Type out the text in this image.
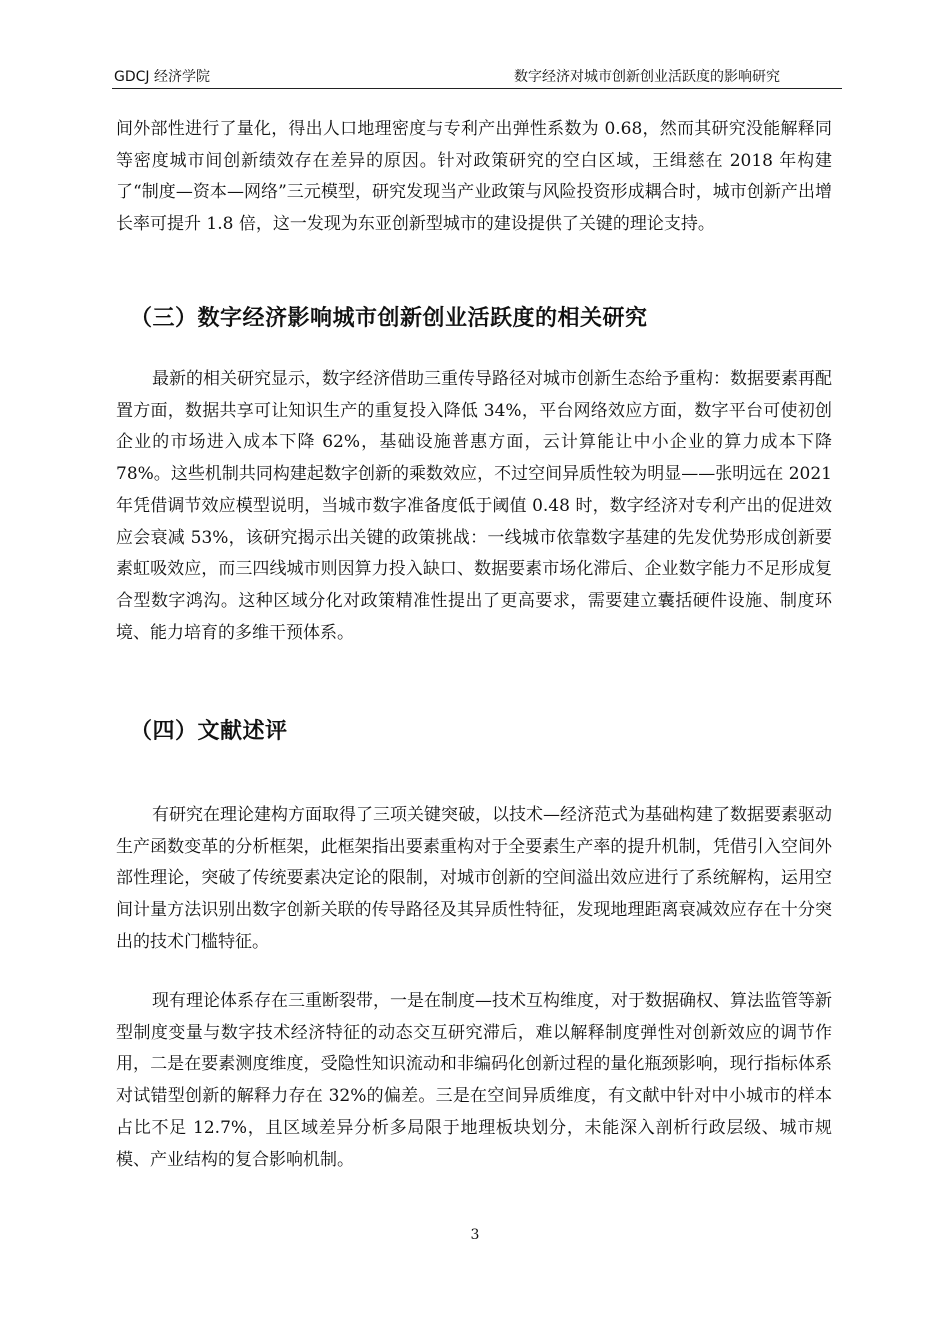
GDCJ 经济学院	数字经济对城市创新创业活跃度的影响研究

间外部性进行了量化，得出人口地理密度与专利产出弹性系数为 0.68，然而其研究没能解释同等密度城市间创新绩效存在差异的原因。针对政策研究的空白区域，王缉慈在 2018 年构建了“制度—资本—网络”三元模型，研究发现当产业政策与风险投资形成耦合时，城市创新产出增长率可提升 1.8 倍，这一发现为东亚创新型城市的建设提供了关键的理论支持。

（三）数字经济影响城市创新创业活跃度的相关研究

最新的相关研究显示，数字经济借助三重传导路径对城市创新生态给予重构：数据要素再配置方面，数据共享可让知识生产的重复投入降低 34%，平台网络效应方面，数字平台可使初创企业的市场进入成本下降 62%，基础设施普惠方面，云计算能让中小企业的算力成本下降 78%。这些机制共同构建起数字创新的乘数效应，不过空间异质性较为明显——张明远在 2021 年凭借调节效应模型说明，当城市数字准备度低于阈值 0.48 时，数字经济对专利产出的促进效应会衰减 53%，该研究揭示出关键的政策挑战：一线城市依靠数字基建的先发优势形成创新要素虹吸效应，而三四线城市则因算力投入缺口、数据要素市场化滞后、企业数字能力不足形成复合型数字鸿沟。这种区域分化对政策精准性提出了更高要求，需要建立囊括硬件设施、制度环境、能力培育的多维干预体系。

（四）文献述评

有研究在理论建构方面取得了三项关键突破，以技术—经济范式为基础构建了数据要素驱动生产函数变革的分析框架，此框架指出要素重构对于全要素生产率的提升机制，凭借引入空间外部性理论，突破了传统要素决定论的限制，对城市创新的空间溢出效应进行了系统解构，运用空间计量方法识别出数字创新关联的传导路径及其异质性特征，发现地理距离衰减效应存在十分突出的技术门槛特征。

现有理论体系存在三重断裂带，一是在制度—技术互构维度，对于数据确权、算法监管等新型制度变量与数字技术经济特征的动态交互研究滞后，难以解释制度弹性对创新效应的调节作用，二是在要素测度维度，受隐性知识流动和非编码化创新过程的量化瓶颈影响，现行指标体系对试错型创新的解释力存在 32%的偏差。三是在空间异质维度，有文献中针对中小城市的样本占比不足 12.7%，且区域差异分析多局限于地理板块划分，未能深入剖析行政层级、城市规模、产业结构的复合影响机制。

3
